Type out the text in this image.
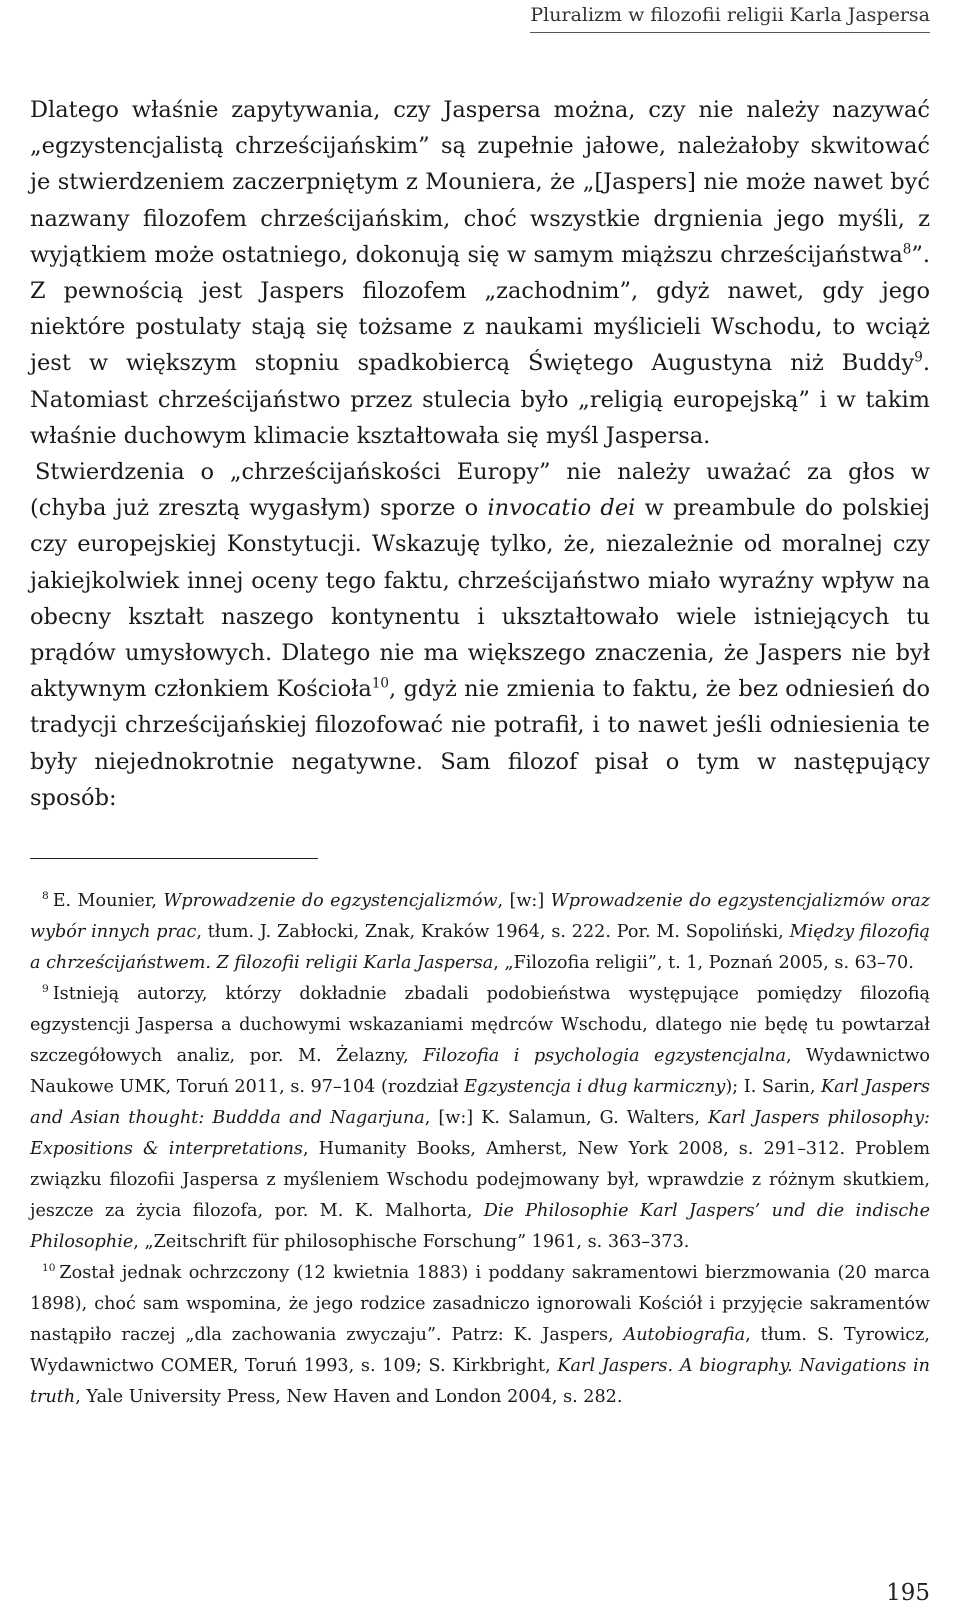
Pluralizm w filozofii religii Karla Jaspersa

Dlatego właśnie zapytywania, czy Jaspersa można, czy nie należy nazywać „egzystencjalistą chrześcijańskim” są zupełnie jałowe, należałoby skwitować je stwierdzeniem zaczerpniętym z Mouniera, że „[Jaspers] nie może nawet być nazwany filozofem chrześcijańskim, choć wszystkie drgnienia jego myśli, z wyjątkiem może ostatniego, dokonują się w samym miąższu chrześcijaństwa$^8$”. Z pewnością jest Jaspers filozofem „zachodnim”, gdyż nawet, gdy jego niektóre postulaty stają się tożsame z naukami myślicieli Wschodu, to wciąż jest w większym stopniu spadkobiercą Świętego Augustyna niż Buddy$^9$. Natomiast chrześcijaństwo przez stulecia było „religią europejską” i w takim właśnie duchowym klimacie kształtowała się myśl Jaspersa.

Stwierdzenia o „chrześcijańskości Europy” nie należy uważać za głos w (chyba już zresztą wygasłym) sporze o invocatio dei w preambule do polskiej czy europejskiej Konstytucji. Wskazuję tylko, że, niezależnie od moralnej czy jakiejkolwiek innej oceny tego faktu, chrześcijaństwo miało wyraźny wpływ na obecny kształt naszego kontynentu i ukształtowało wiele istniejących tu prądów umysłowych. Dlatego nie ma większego znaczenia, że Jaspers nie był aktywnym członkiem Kościoła$^{10}$, gdyż nie zmienia to faktu, że bez odniesień do tradycji chrześcijańskiej filozofować nie potrafił, i to nawet jeśli odniesienia te były niejednokrotnie negatywne. Sam filozof pisał o tym w następujący sposób:

$^8$ E. Mounier, Wprowadzenie do egzystencjalizmów, [w:] Wprowadzenie do egzystencjalizmów oraz wybór innych prac, tłum. J. Zabłocki, Znak, Kraków 1964, s. 222. Por. M. Sopoliński, Między filozofią a chrześcijaństwem. Z filozofii religii Karla Jaspersa, „Filozofia religii”, t. 1, Poznań 2005, s. 63–70.

$^9$ Istnieją autorzy, którzy dokładnie zbadali podobieństwa występujące pomiędzy filozofią egzystencji Jaspersa a duchowymi wskazaniami mędrców Wschodu, dlatego nie będę tu powtarzał szczegółowych analiz, por. M. Żelazny, Filozofia i psychologia egzystencjalna, Wydawnictwo Naukowe UMK, Toruń 2011, s. 97–104 (rozdział Egzystencja i dług karmiczny); I. Sarin, Karl Jaspers and Asian thought: Buddda and Nagarjuna, [w:] K. Salamun, G. Walters, Karl Jaspers philosophy: Expositions & interpretations, Humanity Books, Amherst, New York 2008, s. 291–312. Problem związku filozofii Jaspersa z myśleniem Wschodu podejmowany był, wprawdzie z różnym skutkiem, jeszcze za życia filozofa, por. M. K. Malhorta, Die Philosophie Karl Jaspers’ und die indische Philosophie, „Zeitschrift für philosophische Forschung” 1961, s. 363–373.

$^{10}$ Został jednak ochrzczony (12 kwietnia 1883) i poddany sakramentowi bierzmowania (20 marca 1898), choć sam wspomina, że jego rodzice zasadniczo ignorowali Kościół i przyjęcie sakramentów nastąpiło raczej „dla zachowania zwyczaju”. Patrz: K. Jaspers, Autobiografia, tłum. S. Tyrowicz, Wydawnictwo COMER, Toruń 1993, s. 109; S. Kirkbright, Karl Jaspers. A biography. Navigations in truth, Yale University Press, New Haven and London 2004, s. 282.

195
